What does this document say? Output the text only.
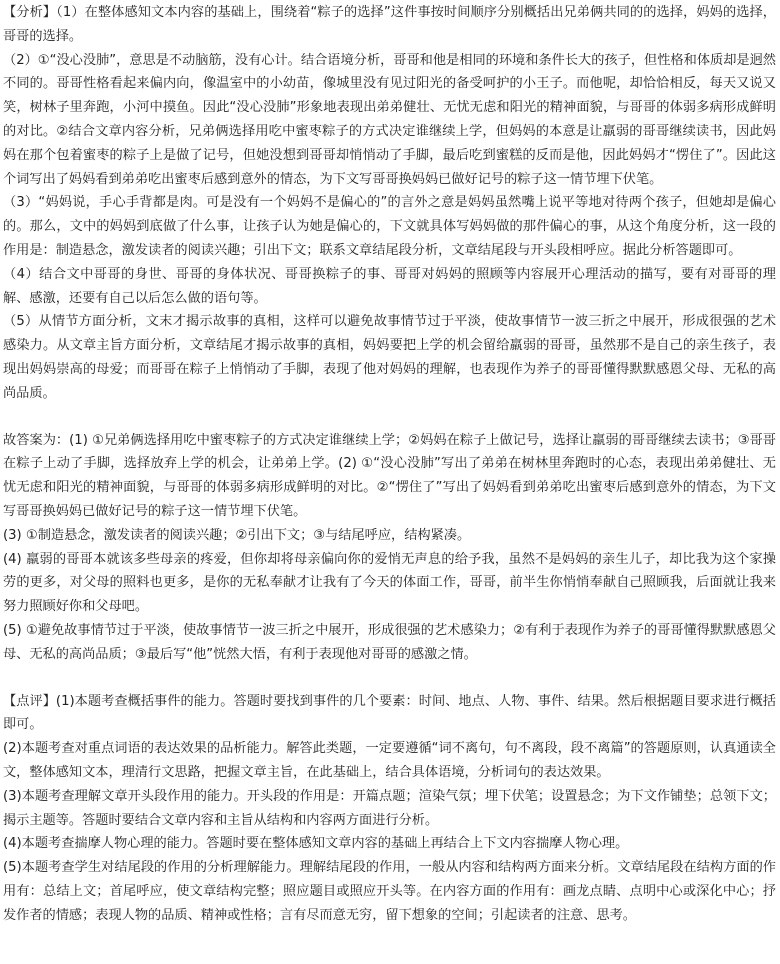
【分析】（1）在整体感知文本内容的基础上，围绕着“粽子的选择”这件事按时间顺序分别概括出兄弟俩共同的的选择，妈妈的选择，哥哥的选择。

（2）①“没心没肺”，意思是不动脑筋，没有心计。结合语境分析，哥哥和他是相同的环境和条件长大的孩子，但性格和体质却是迥然不同的。哥哥性格看起来偏内向，像温室中的小幼苗，像城里没有见过阳光的备受呵护的小王子。而他呢，却恰恰相反，每天又说又笑，树林子里奔跑，小河中摸鱼。因此“没心没肺”形象地表现出弟弟健壮、无忧无虑和阳光的精神面貌，与哥哥的体弱多病形成鲜明的对比。②结合文章内容分析，兄弟俩选择用吃中蜜枣粽子的方式决定谁继续上学，但妈妈的本意是让羸弱的哥哥继续读书，因此妈妈在那个包着蜜枣的粽子上是做了记号，但她没想到哥哥却悄悄动了手脚，最后吃到蜜糕的反而是他，因此妈妈才“愣住了”。因此这个词写出了妈妈看到弟弟吃出蜜枣后感到意外的情态，为下文写哥哥换妈妈已做好记号的粽子这一情节埋下伏笔。

（3）“妈妈说，手心手背都是肉。可是没有一个妈妈不是偏心的”的言外之意是妈妈虽然嘴上说平等地对待两个孩子，但她却是偏心的。那么，文中的妈妈到底做了什么事，让孩子认为她是偏心的，下文就具体写妈妈做的那件偏心的事，从这个角度分析，这一段的作用是：制造悬念，激发读者的阅读兴趣；引出下文；联系文章结尾段分析，文章结尾段与开头段相呼应。据此分析答题即可。

（4）结合文中哥哥的身世、哥哥的身体状况、哥哥换粽子的事、哥哥对妈妈的照顾等内容展开心理活动的描写，要有对哥哥的理解、感激，还要有自己以后怎么做的语句等。

（5）从情节方面分析，文末才揭示故事的真相，这样可以避免故事情节过于平淡，使故事情节一波三折之中展开，形成很强的艺术感染力。从文章主旨方面分析，文章结尾才揭示故事的真相，妈妈要把上学的机会留给羸弱的哥哥，虽然那不是自己的亲生孩子，表现出妈妈崇高的母爱；而哥哥在粽子上悄悄动了手脚，表现了他对妈妈的理解，也表现作为养子的哥哥懂得默默感恩父母、无私的高尚品质。

故答案为：(1) ①兄弟俩选择用吃中蜜枣粽子的方式决定谁继续上学；②妈妈在粽子上做记号，选择让羸弱的哥哥继续去读书；③哥哥在粽子上动了手脚，选择放弃上学的机会，让弟弟上学。(2) ①“没心没肺”写出了弟弟在树林里奔跑时的心态，表现出弟弟健壮、无忧无虑和阳光的精神面貌，与哥哥的体弱多病形成鲜明的对比。②“愣住了”写出了妈妈看到弟弟吃出蜜枣后感到意外的情态，为下文写哥哥换妈妈已做好记号的粽子这一情节埋下伏笔。

(3) ①制造悬念，激发读者的阅读兴趣；②引出下文；③与结尾呼应，结构紧凑。

(4) 羸弱的哥哥本就该多些母亲的疼爱，但你却将母亲偏向你的爱悄无声息的给予我，虽然不是妈妈的亲生儿子，却比我为这个家操劳的更多，对父母的照料也更多，是你的无私奉献才让我有了今天的体面工作，哥哥，前半生你悄悄奉献自己照顾我，后面就让我来努力照顾好你和父母吧。

(5) ①避免故事情节过于平淡，使故事情节一波三折之中展开，形成很强的艺术感染力；②有利于表现作为养子的哥哥懂得默默感恩父母、无私的高尚品质；③最后写“他”恍然大悟，有利于表现他对哥哥的感激之情。

【点评】(1)本题考查概括事件的能力。答题时要找到事件的几个要素：时间、地点、人物、事件、结果。然后根据题目要求进行概括即可。

(2)本题考查对重点词语的表达效果的品析能力。解答此类题，一定要遵循“词不离句，句不离段，段不离篇”的答题原则，认真通读全文，整体感知文本，理清行文思路，把握文章主旨，在此基础上，结合具体语境，分析词句的表达效果。

(3)本题考查理解文章开头段作用的能力。开头段的作用是：开篇点题；渲染气氛；埋下伏笔；设置悬念；为下文作铺垫；总领下文；揭示主题等。答题时要结合文章内容和主旨从结构和内容两方面进行分析。

(4)本题考查揣摩人物心理的能力。答题时要在整体感知文章内容的基础上再结合上下文内容揣摩人物心理。

(5)本题考查学生对结尾段的作用的分析理解能力。理解结尾段的作用，一般从内容和结构两方面来分析。文章结尾段在结构方面的作用有：总结上文；首尾呼应，使文章结构完整；照应题目或照应开头等。在内容方面的作用有：画龙点睛、点明中心或深化中心；抒发作者的情感；表现人物的品质、精神或性格；言有尽而意无穷，留下想象的空间；引起读者的注意、思考。
